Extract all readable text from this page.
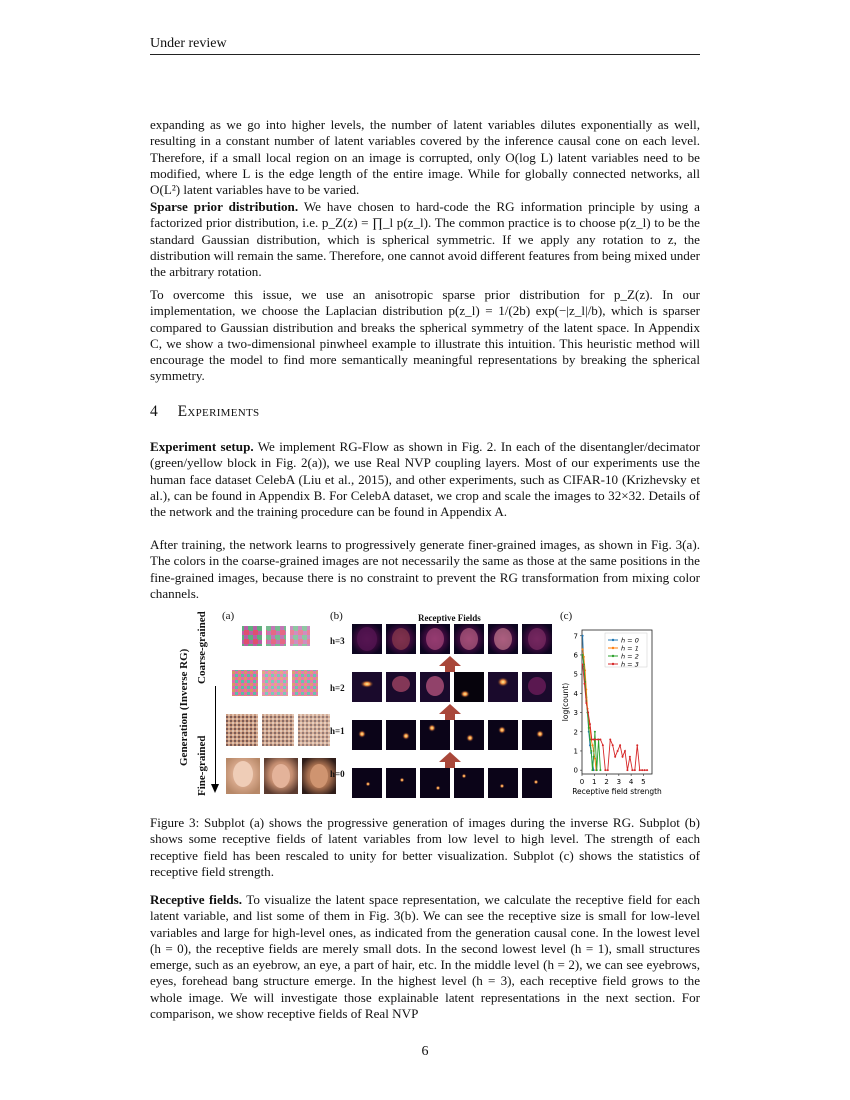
Under review

expanding as we go into higher levels, the number of latent variables dilutes exponentially as well, resulting in a constant number of latent variables covered by the inference causal cone on each level. Therefore, if a small local region on an image is corrupted, only O(log L) latent variables need to be modified, where L is the edge length of the entire image. While for globally connected networks, all O(L²) latent variables have to be varied.

Sparse prior distribution. We have chosen to hard-code the RG information principle by using a factorized prior distribution, i.e. p_Z(z) = ∏_l p(z_l). The common practice is to choose p(z_l) to be the standard Gaussian distribution, which is spherical symmetric. If we apply any rotation to z, the distribution will remain the same. Therefore, one cannot avoid different features from being mixed under the arbitrary rotation.

To overcome this issue, we use an anisotropic sparse prior distribution for p_Z(z). In our implementation, we choose the Laplacian distribution p(z_l) = 1/(2b) exp(−|z_l|/b), which is sparser compared to Gaussian distribution and breaks the spherical symmetry of the latent space. In Appendix C, we show a two-dimensional pinwheel example to illustrate this intuition. This heuristic method will encourage the model to find more semantically meaningful representations by breaking the spherical symmetry.

4 Experiments

Experiment setup. We implement RG-Flow as shown in Fig. 2. In each of the disentangler/decimator (green/yellow block in Fig. 2(a)), we use Real NVP coupling layers. Most of our experiments use the human face dataset CelebA (Liu et al., 2015), and other experiments, such as CIFAR-10 (Krizhevsky et al.), can be found in Appendix B. For CelebA dataset, we crop and scale the images to 32×32. Details of the network and the training procedure can be found in Appendix A.

After training, the network learns to progressively generate finer-grained images, as shown in Fig. 3(a). The colors in the coarse-grained images are not necessarily the same as those at the same positions in the fine-grained images, because there is no constraint to prevent the RG transformation from mixing color channels.

Generation (Inverse RG)
Coarse-grained
Fine-grained
(a)	(b)	Receptive Fields
h=3
h=2
h=1
h=0
(c)
0 1 2 3 4 5
0
1
2
3
4
5
6
7
Receptive field strength
log(count)
h = 0
h = 1
h = 2
h = 3

Figure 3: Subplot (a) shows the progressive generation of images during the inverse RG. Subplot (b) shows some receptive fields of latent variables from low level to high level. The strength of each receptive field has been rescaled to unity for better visualization. Subplot (c) shows the statistics of receptive field strength.

Receptive fields. To visualize the latent space representation, we calculate the receptive field for each latent variable, and list some of them in Fig. 3(b). We can see the receptive size is small for low-level variables and large for high-level ones, as indicated from the generation causal cone. In the lowest level (h = 0), the receptive fields are merely small dots. In the second lowest level (h = 1), small structures emerge, such as an eyebrow, an eye, a part of hair, etc. In the middle level (h = 2), we can see eyebrows, eyes, forehead bang structure emerge. In the highest level (h = 3), each receptive field grows to the whole image. We will investigate those explainable latent representations in the next section. For comparison, we show receptive fields of Real NVP

6
